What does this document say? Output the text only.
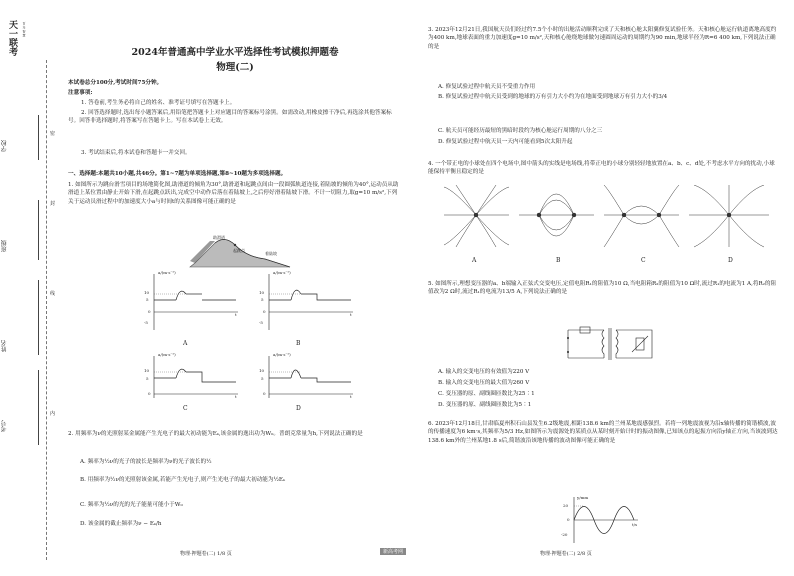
天一联考 百 年 智 慧
学校
班级
姓名
考号
密
封
线
内
2024年普通高中学业水平选择性考试模拟押题卷
物理(二)
本试卷总分100分,考试时间75分钟。
注意事项:
1. 答卷前,考生务必将自己的姓名、准考证号填写在答题卡上。
2. 回答选择题时,选出每小题答案后,用铅笔把答题卡上对应题目的答案标号涂黑。如需改动,用橡皮擦干净后,再选涂其他答案标号。回答非选择题时,将答案写在答题卡上。写在本试卷上无效。
3. 考试结束后,将本试卷和答题卡一并交回。
一、选择题:本题共10小题,共46分。第1~7题为单项选择题,第8~10题为多项选择题。
1. 如图所示为跳台滑雪项目的场地简化图,助滑道的倾角为30°,助滑道和起跳点间由一段圆弧轨道连接,着陆坡的倾角为40°,运动员从助滑道上某位置由静止开始下滑,在起跳点跃出,完成空中动作后落在着陆坡上,之后停好滑着陆坡下滑。不计一切阻力,取g=10 m/s²,下列关于运动员滑过程中的加速度大小a与时间t的关系图像可能正确的是
助滑道
起跳点
着陆坡
a/(m·s⁻²)
10
5
0
-5
t
A
a/(m·s⁻²)
10
5
0
-5
t
B
a/(m·s⁻²)
10
5
0
t
C
a/(m·s⁻²)
10
5
0
t
D
2. 用频率为ν的光照射某金属能产生光电子的最大初动能为Eₖ,该金属的逸出功为W₀。普朗克常量为h,下列说法正确的是
A. 频率为½ν的光子的波长是频率为ν的光子波长的½
B. 用频率为½ν的光照射该金属,若能产生光电子,则产生光电子的最大初动能为½Eₖ
C. 频率为½ν的光的光子能量可能小于W₀
D. 该金属的截止频率为ν − Eₖ/h
物理·押题卷(二) 1/8 页
3. 2023年12月21日,我国航天员们经过约7.5个小时的出舱活动顺利完成了天和核心舱太阳翼修复试验任务。天和核心舱运行轨道离地高度约为400 km,地球表面的重力加速度g=10 m/s²,天和核心舱绕地球做匀速圆周运动的周期约为90 min,地球半径为R=6 400 km,下列说法正确的是
A. 修复试验过程中航天员不受重力作用
B. 修复试验过程中航天员受到的地球的万有引力大小约为在地面受到地球万有引力大小的3/4
C. 航天员可能经历最短的黑暗时段约为核心舱运行周期的八分之三
D. 修复试验过程中航天员一天内可能看到5次太阳升起
4. 一个带正电的小球处在四个电场中,图中箭头的实线是电场线,将带正电的小球分别轻轻地放置在a、b、c、d处,不考虑水平方向的扰动,小球能保持平衡且稳定的是
A	B	C	D
5. 如图所示,理想变压器的a、b端输入正弦式交变电压,定值电阻R₁的阻值为10 Ω,当电阻箱R₂的阻值为10 Ω时,流过R₁的电流为1 A,将R₂的阻值改为2 Ω时,流过R₁的电流为13/5 A,下列说法正确的是
A. 输入的交变电压的有效值为220 V
B. 输入的交变电压的最大值为260 V
C. 变压器的原、副线圈匝数比为25∶1
D. 变压器的原、副线圈匝数比为5∶1
6. 2023年12月18日,甘肃临夏州积石山县发生6.2级地震,相距138.6 km的兰州某地震感强烈。若将一列地震波视为沿x轴传播的简谐横波,波的传播速度为6 km·s,其频率为5/3 Hz,如图所示为震源处的某质点从某时刻开始计时的振动图像,已知该点的起振方向沿y轴正方向,当该波到达138.6 km外的兰州某地1.8 s后,简谐波沿该地传播的波动图像可能正确的是
y/mm
20
0
-20
t/s
物理·押题卷(二) 2/8 页
新高考网
